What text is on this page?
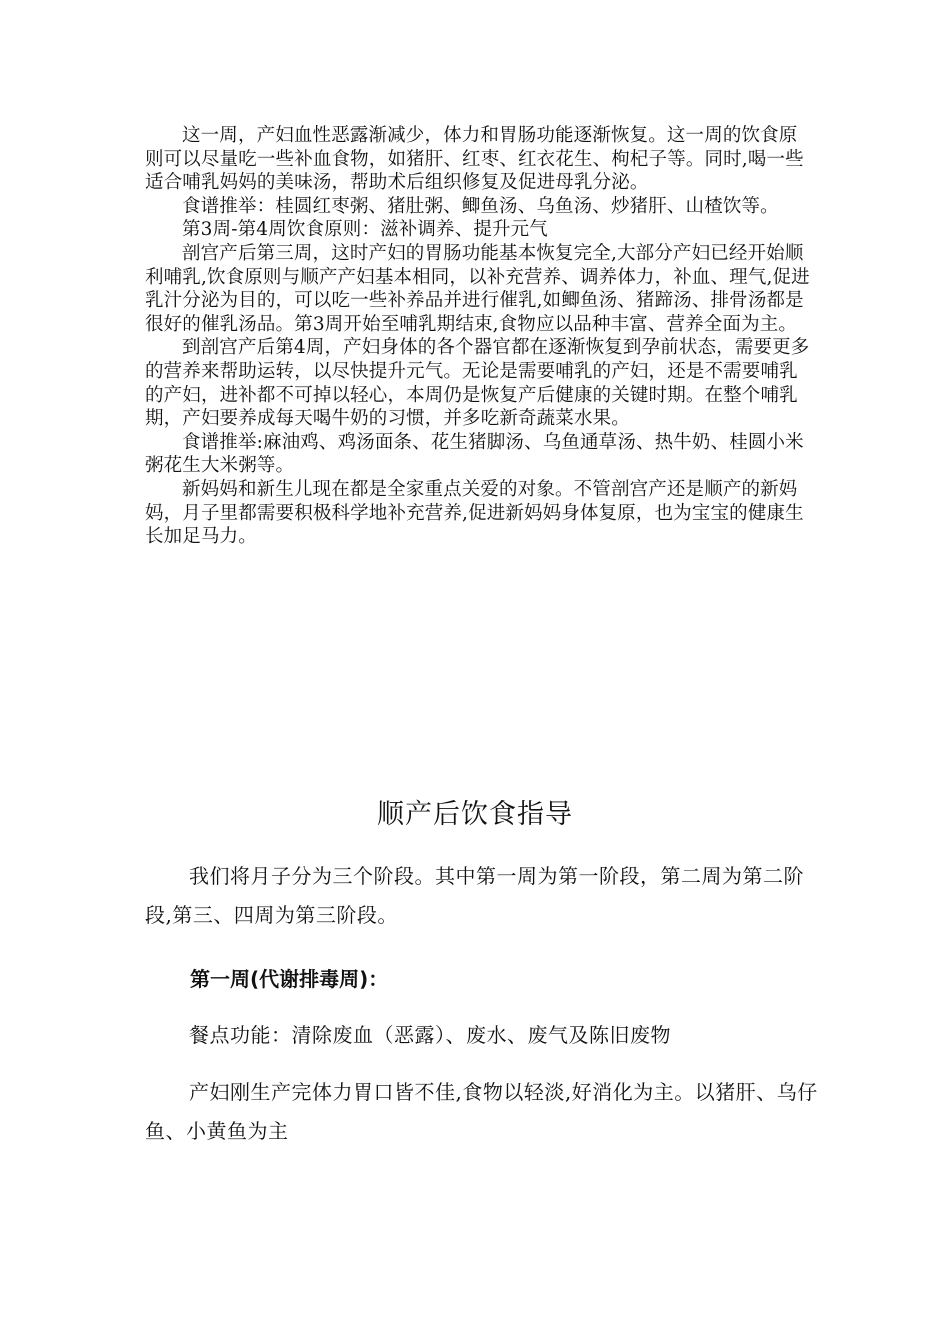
这一周，产妇血性恶露渐减少，体力和胃肠功能逐渐恢复。这一周的饮食原则可以尽量吃一些补血食物，如猪肝、红枣、红衣花生、枸杞子等。同时,喝一些适合哺乳妈妈的美味汤，帮助术后组织修复及促进母乳分泌。

食谱推举：桂圆红枣粥、猪肚粥、鲫鱼汤、乌鱼汤、炒猪肝、山楂饮等。

第3周-第4周饮食原则：滋补调养、提升元气

剖宫产后第三周，这时产妇的胃肠功能基本恢复完全,大部分产妇已经开始顺利哺乳,饮食原则与顺产产妇基本相同，以补充营养、调养体力，补血、理气,促进乳汁分泌为目的，可以吃一些补养品并进行催乳,如鲫鱼汤、猪蹄汤、排骨汤都是很好的催乳汤品。第3周开始至哺乳期结束,食物应以品种丰富、营养全面为主。

到剖宫产后第4周，产妇身体的各个器官都在逐渐恢复到孕前状态，需要更多的营养来帮助运转，以尽快提升元气。无论是需要哺乳的产妇，还是不需要哺乳的产妇，进补都不可掉以轻心，本周仍是恢复产后健康的关键时期。在整个哺乳期，产妇要养成每天喝牛奶的习惯，并多吃新奇蔬菜水果。

食谱推举:麻油鸡、鸡汤面条、花生猪脚汤、乌鱼通草汤、热牛奶、桂圆小米粥花生大米粥等。

新妈妈和新生儿现在都是全家重点关爱的对象。不管剖宫产还是顺产的新妈妈，月子里都需要积极科学地补充营养,促进新妈妈身体复原，也为宝宝的健康生长加足马力。

顺产后饮食指导

我们将月子分为三个阶段。其中第一周为第一阶段，第二周为第二阶段,第三、四周为第三阶段。

第一周(代谢排毒周)：

餐点功能：清除废血（恶露）、废水、废气及陈旧废物

产妇刚生产完体力胃口皆不佳,食物以轻淡,好消化为主。以猪肝、乌仔鱼、小黄鱼为主
